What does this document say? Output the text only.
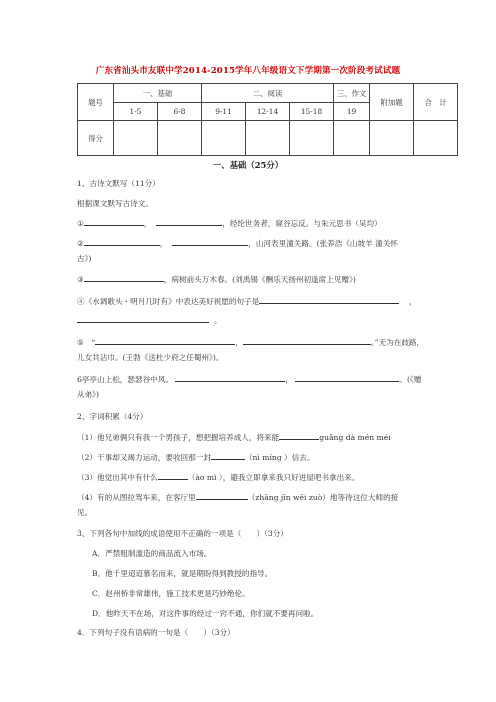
广东省汕头市友联中学2014-2015学年八年级语文下学期第一次阶段考试试题
题号	一、基础		二、阅读			三、作文	附加题	合　计
	1-5	6-8	9-11	12-14	15-18	19		
得分								
一、基础（25分）
1、古诗文默写（11分）
根据课文默写古诗文。
①	，	，经纶世务者，窥谷忘反。与朱元思书（吴均）
②	，	，山河表里潼关路。(张养浩《山坡羊 潼关怀
古》)
③	，病树前头万木春。(刘禹锡《酬乐天扬州初逢席上见赠》)
④《水调歌头・明月几时有》中表达美好祝愿的句子是	，
。
⑤　“	，	。”无为在歧路，
儿女共沾巾。(王勃《送杜少府之任蜀州》)。
6亭亭山上松，瑟瑟谷中风。	，	。(《赠
从弟》)
2、字词积累（4分）
（1）他兄弟俩只有我一个男孩子，想把握培养成人，将来能	guǎng dà mén méi
（2）干事却又竭力运动，要收回那一封	（nì mínɡ ）信去。
（3）他觉出其中有什么	（ào mì ），避我立即拿来我只好进屋吧书拿出来。
（4）有的从图拉驾车来，在客厅里	（zhāng jǐn wēi zuò）地等待这位大师的接
见。
3、下列各句中加线的成语使用不正确的一项是（　　）（3分）
A．严禁粗制滥造的商品流入市场。
B．他千里迢迢慕名而来，就是期盼得到教授的指导。
C．赵州桥非常雄伟，施工技术更是巧妙绝伦。
D．他昨天不在场，对这件事的经过一窍不通，你们就不要再问啦。
4．下列句子没有语病的一句是（　　）（3分）
